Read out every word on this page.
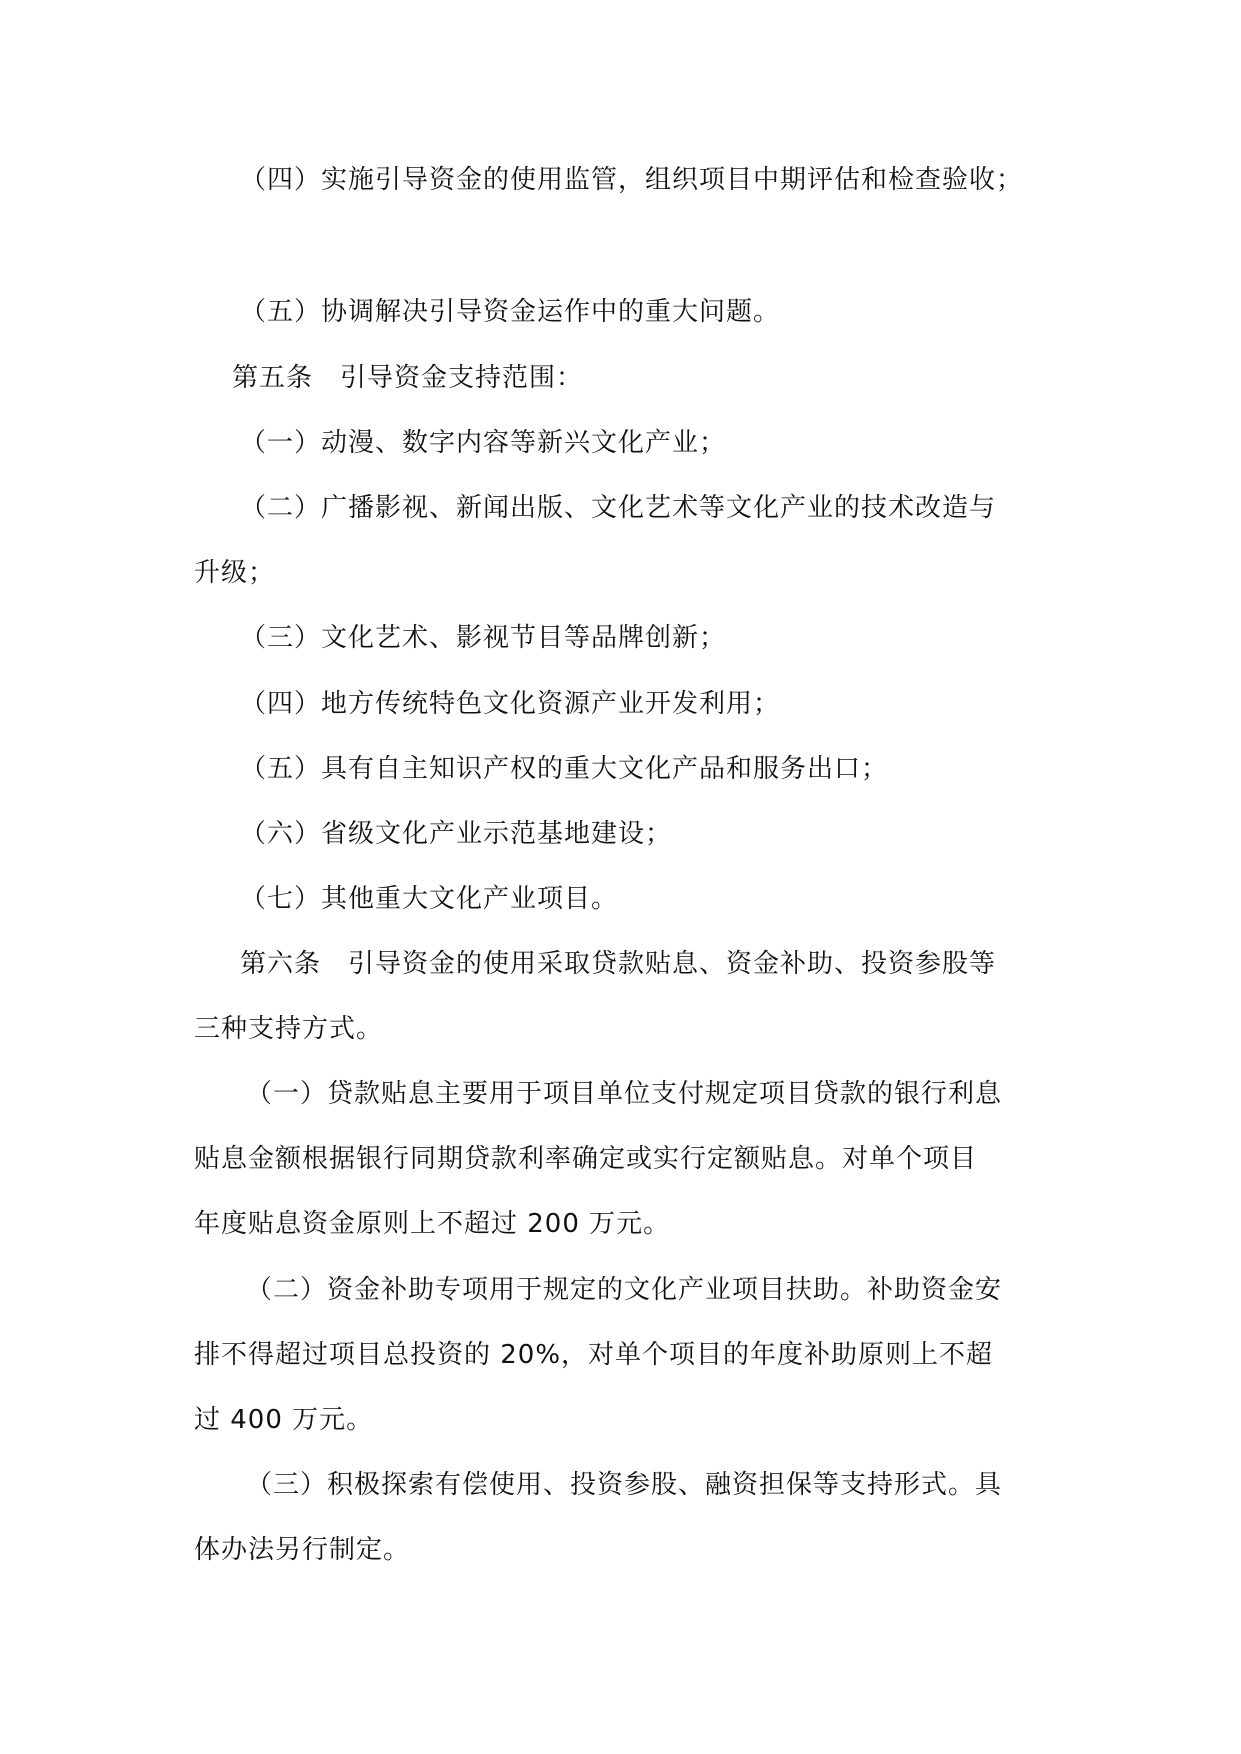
（四）实施引导资金的使用监管，组织项目中期评估和检查验收；
（五）协调解决引导资金运作中的重大问题。
第五条　引导资金支持范围：
（一）动漫、数字内容等新兴文化产业；
（二）广播影视、新闻出版、文化艺术等文化产业的技术改造与
升级；
（三）文化艺术、影视节目等品牌创新；
（四）地方传统特色文化资源产业开发利用；
（五）具有自主知识产权的重大文化产品和服务出口；
（六）省级文化产业示范基地建设；
（七）其他重大文化产业项目。
第六条　引导资金的使用采取贷款贴息、资金补助、投资参股等
三种支持方式。
（一）贷款贴息主要用于项目单位支付规定项目贷款的银行利息
贴息金额根据银行同期贷款利率确定或实行定额贴息。对单个项目
年度贴息资金原则上不超过 200 万元。
（二）资金补助专项用于规定的文化产业项目扶助。补助资金安
排不得超过项目总投资的 20%，对单个项目的年度补助原则上不超
过 400 万元。
（三）积极探索有偿使用、投资参股、融资担保等支持形式。具
体办法另行制定。
